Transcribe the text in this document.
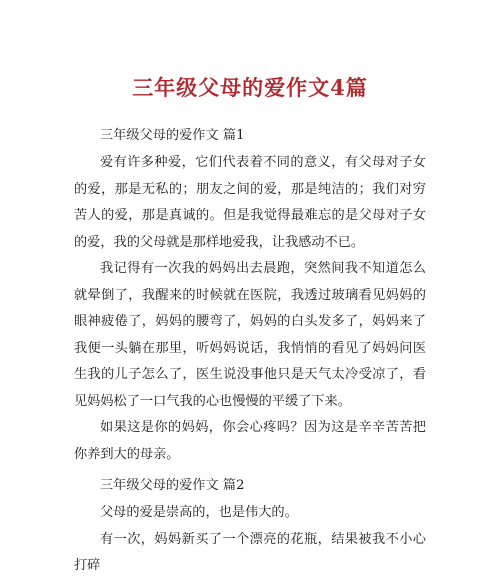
三年级父母的爱作文4篇
三年级父母的爱作文 篇1

爱有许多种爱，它们代表着不同的意义，有父母对子女的爱，那是无私的；朋友之间的爱，那是纯洁的；我们对穷苦人的爱，那是真诚的。但是我觉得最难忘的是父母对子女的爱，我的父母就是那样地爱我，让我感动不已。

我记得有一次我的妈妈出去晨跑，突然间我不知道怎么就晕倒了，我醒来的时候就在医院，我透过玻璃看见妈妈的眼神疲倦了，妈妈的腰弯了，妈妈的白头发多了，妈妈来了我便一头躺在那里，听妈妈说话，我悄悄的看见了妈妈问医生我的儿子怎么了，医生说没事他只是天气太冷受凉了，看见妈妈松了一口气我的心也慢慢的平缓了下来。

如果这是你的妈妈，你会心疼吗？因为这是辛辛苦苦把你养到大的母亲。

三年级父母的爱作文 篇2

父母的爱是崇高的，也是伟大的。

有一次，妈妈新买了一个漂亮的花瓶，结果被我不小心打碎
